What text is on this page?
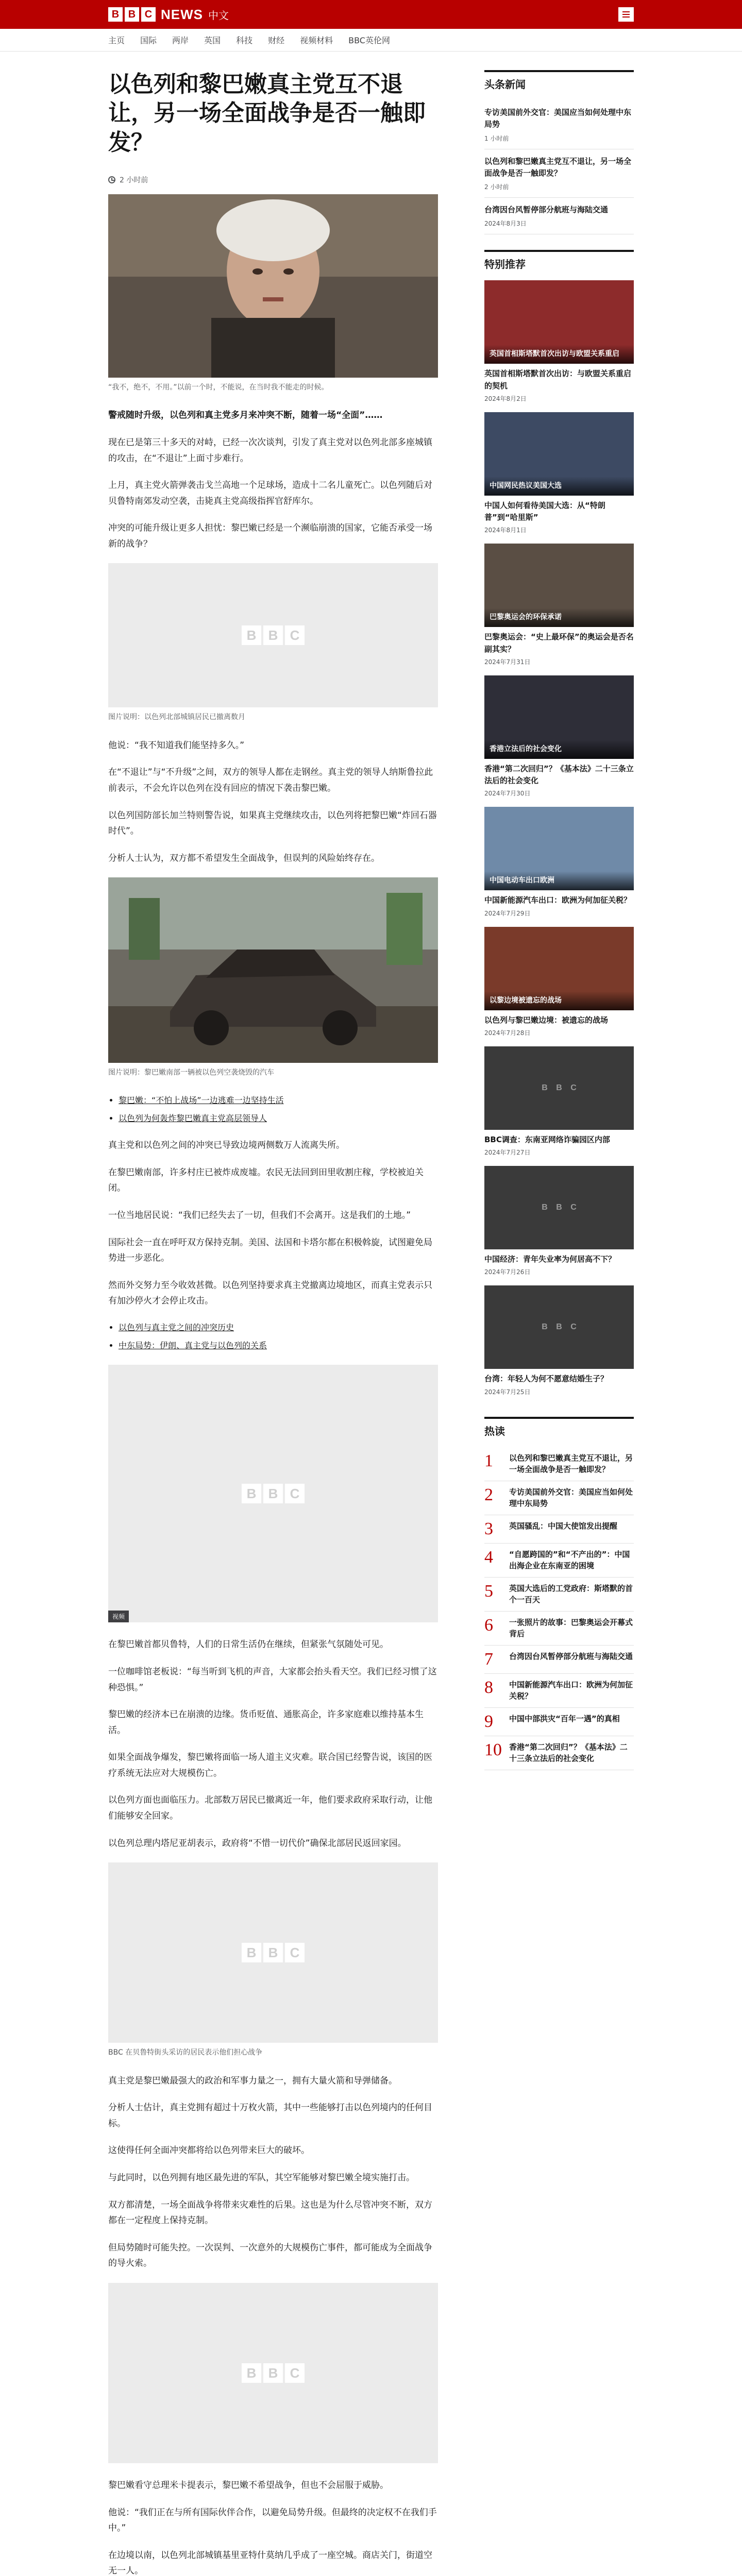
B B C NEWS 中文
主页 国际 两岸 英国 科技 财经 视频材料 BBC英伦网
以色列和黎巴嫩真主党互不退让，另一场全面战争是否一触即发？
2 小时前

“我不，绝不，不用。”以前一个时，不能说，在当时我不能走的时候。

警戒随时升级，以色列和真主党多月来冲突不断，随着一场“全面”……

现在已是第三十多天的对峙，已经一次次谈判，引发了真主党对以色列北部多座城镇的攻击，在“不退让”上面寸步难行。

上月，真主党火箭弹袭击戈兰高地一个足球场，造成十二名儿童死亡。以色列随后对贝鲁特南郊发动空袭，击毙真主党高级指挥官舒库尔。

冲突的可能升级让更多人担忧：黎巴嫩已经是一个濒临崩溃的国家，它能否承受一场新的战争？

B B C

图片说明：以色列北部城镇居民已撤离数月

他说：“我不知道我们能坚持多久。”

在“不退让”与“不升级”之间，双方的领导人都在走钢丝。真主党的领导人纳斯鲁拉此前表示，不会允许以色列在没有回应的情况下袭击黎巴嫩。

以色列国防部长加兰特则警告说，如果真主党继续攻击，以色列将把黎巴嫩“炸回石器时代”。

分析人士认为，双方都不希望发生全面战争，但误判的风险始终存在。

图片说明：黎巴嫩南部一辆被以色列空袭烧毁的汽车

• 黎巴嫩：“不怕上战场”一边逃难一边坚持生活
• 以色列为何轰炸黎巴嫩真主党高层领导人

真主党和以色列之间的冲突已导致边境两侧数万人流离失所。

在黎巴嫩南部，许多村庄已被炸成废墟。农民无法回到田里收割庄稼，学校被迫关闭。

一位当地居民说：“我们已经失去了一切，但我们不会离开。这是我们的土地。”

国际社会一直在呼吁双方保持克制。美国、法国和卡塔尔都在积极斡旋，试图避免局势进一步恶化。

然而外交努力至今收效甚微。以色列坚持要求真主党撤离边境地区，而真主党表示只有加沙停火才会停止攻击。

• 以色列与真主党之间的冲突历史
• 中东局势：伊朗、真主党与以色列的关系
B B C
视频

在黎巴嫩首都贝鲁特，人们的日常生活仍在继续，但紧张气氛随处可见。

一位咖啡馆老板说：“每当听到飞机的声音，大家都会抬头看天空。我们已经习惯了这种恐惧。”

黎巴嫩的经济本已在崩溃的边缘。货币贬值、通胀高企，许多家庭难以维持基本生活。

如果全面战争爆发，黎巴嫩将面临一场人道主义灾难。联合国已经警告说，该国的医疗系统无法应对大规模伤亡。

以色列方面也面临压力。北部数万居民已撤离近一年，他们要求政府采取行动，让他们能够安全回家。

以色列总理内塔尼亚胡表示，政府将“不惜一切代价”确保北部居民返回家园。

B B C

BBC 在贝鲁特街头采访的居民表示他们担心战争

真主党是黎巴嫩最强大的政治和军事力量之一，拥有大量火箭和导弹储备。

分析人士估计，真主党拥有超过十万枚火箭，其中一些能够打击以色列境内的任何目标。

这使得任何全面冲突都将给以色列带来巨大的破坏。

与此同时，以色列拥有地区最先进的军队，其空军能够对黎巴嫩全境实施打击。

双方都清楚，一场全面战争将带来灾难性的后果。这也是为什么尽管冲突不断，双方都在一定程度上保持克制。

但局势随时可能失控。一次误判、一次意外的大规模伤亡事件，都可能成为全面战争的导火索。

B B C

黎巴嫩看守总理米卡提表示，黎巴嫩不希望战争，但也不会屈服于威胁。

他说：“我们正在与所有国际伙伴合作，以避免局势升级。但最终的决定权不在我们手中。”

在边境以南，以色列北部城镇基里亚特什莫纳几乎成了一座空城。商店关门，街道空无一人。

头条新闻
专访美国前外交官：美国应当如何处理中东局势
1 小时前
以色列和黎巴嫩真主党互不退让，另一场全面战争是否一触即发？
2 小时前
台湾因台风暂停部分航班与海陆交通
2024年8月3日
特别推荐
英国首相斯塔默首次出访与欧盟关系重启
英国首相斯塔默首次出访：与欧盟关系重启的契机
2024年8月2日
中国网民热议美国大选
中国人如何看待美国大选：从“特朗普”到“哈里斯”
2024年8月1日
巴黎奥运会的环保承诺
巴黎奥运会：“史上最环保”的奥运会是否名副其实？
2024年7月31日
香港立法后的社会变化
香港“第二次回归”？《基本法》二十三条立法后的社会变化
2024年7月30日
中国电动车出口欧洲
中国新能源汽车出口：欧洲为何加征关税？
2024年7月29日
以黎边境被遗忘的战场
以色列与黎巴嫩边境：被遗忘的战场
2024年7月28日
B	B	C
BBC调查：东南亚网络诈骗园区内部
2024年7月27日
B	B	C
中国经济：青年失业率为何居高不下？
2024年7月26日
B	B	C
台湾：年轻人为何不愿意结婚生子？
2024年7月25日
热读
1	以色列和黎巴嫩真主党互不退让，另一场全面战争是否一触即发？
2	专访美国前外交官：美国应当如何处理中东局势
3	英国骚乱：中国大使馆发出提醒
4	“自愿跨国的”和“不产出的”：中国出海企业在东南亚的困境
5	英国大选后的工党政府：斯塔默的首个一百天
6	一张照片的故事：巴黎奥运会开幕式背后
7	台湾因台风暂停部分航班与海陆交通
8	中国新能源汽车出口：欧洲为何加征关税？
9	中国中部洪灾“百年一遇”的真相
10 香港“第二次回归”？《基本法》二十三条立法后的社会变化
